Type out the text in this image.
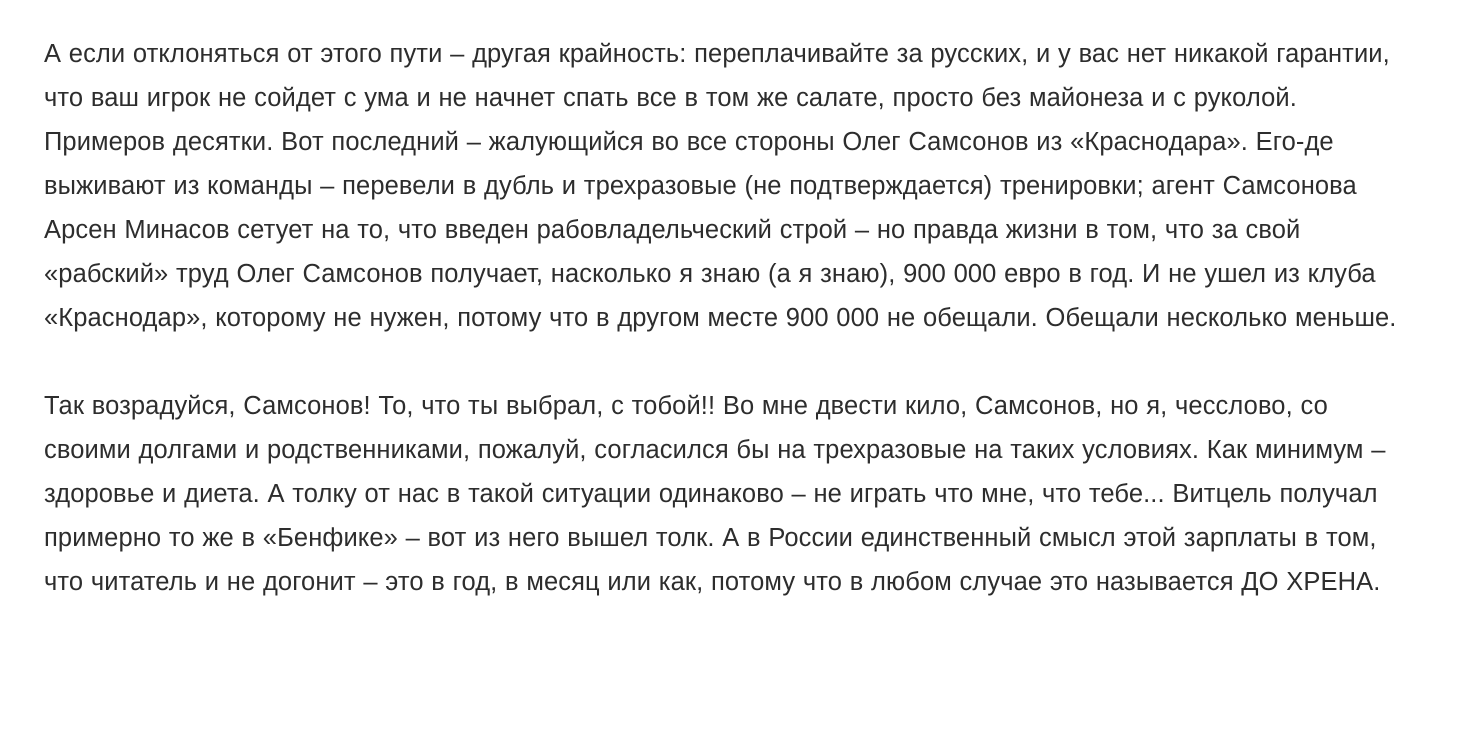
А если отклоняться от этого пути – другая крайность: переплачивайте за русских, и у вас нет никакой гарантии, что ваш игрок не сойдет с ума и не начнет спать все в том же салате, просто без майонеза и с руколой. Примеров десятки. Вот последний – жалующийся во все стороны Олег Самсонов из «Краснодара». Его-де выживают из команды – перевели в дубль и трехразовые (не подтверждается) тренировки; агент Самсонова Арсен Минасов сетует на то, что введен рабовладельческий строй – но правда жизни в том, что за свой «рабский» труд Олег Самсонов получает, насколько я знаю (а я знаю), 900 000 евро в год. И не ушел из клуба «Краснодар», которому не нужен, потому что в другом месте 900 000 не обещали. Обещали несколько меньше.

Так возрадуйся, Самсонов! То, что ты выбрал, с тобой!! Во мне двести кило, Самсонов, но я, чесслово, со своими долгами и родственниками, пожалуй, согласился бы на трехразовые на таких условиях. Как минимум – здоровье и диета. А толку от нас в такой ситуации одинаково – не играть что мне, что тебе... Витцель получал примерно то же в «Бенфике» – вот из него вышел толк. А в России единственный смысл этой зарплаты в том, что читатель и не догонит – это в год, в месяц или как, потому что в любом случае это называется ДО ХРЕНА.
